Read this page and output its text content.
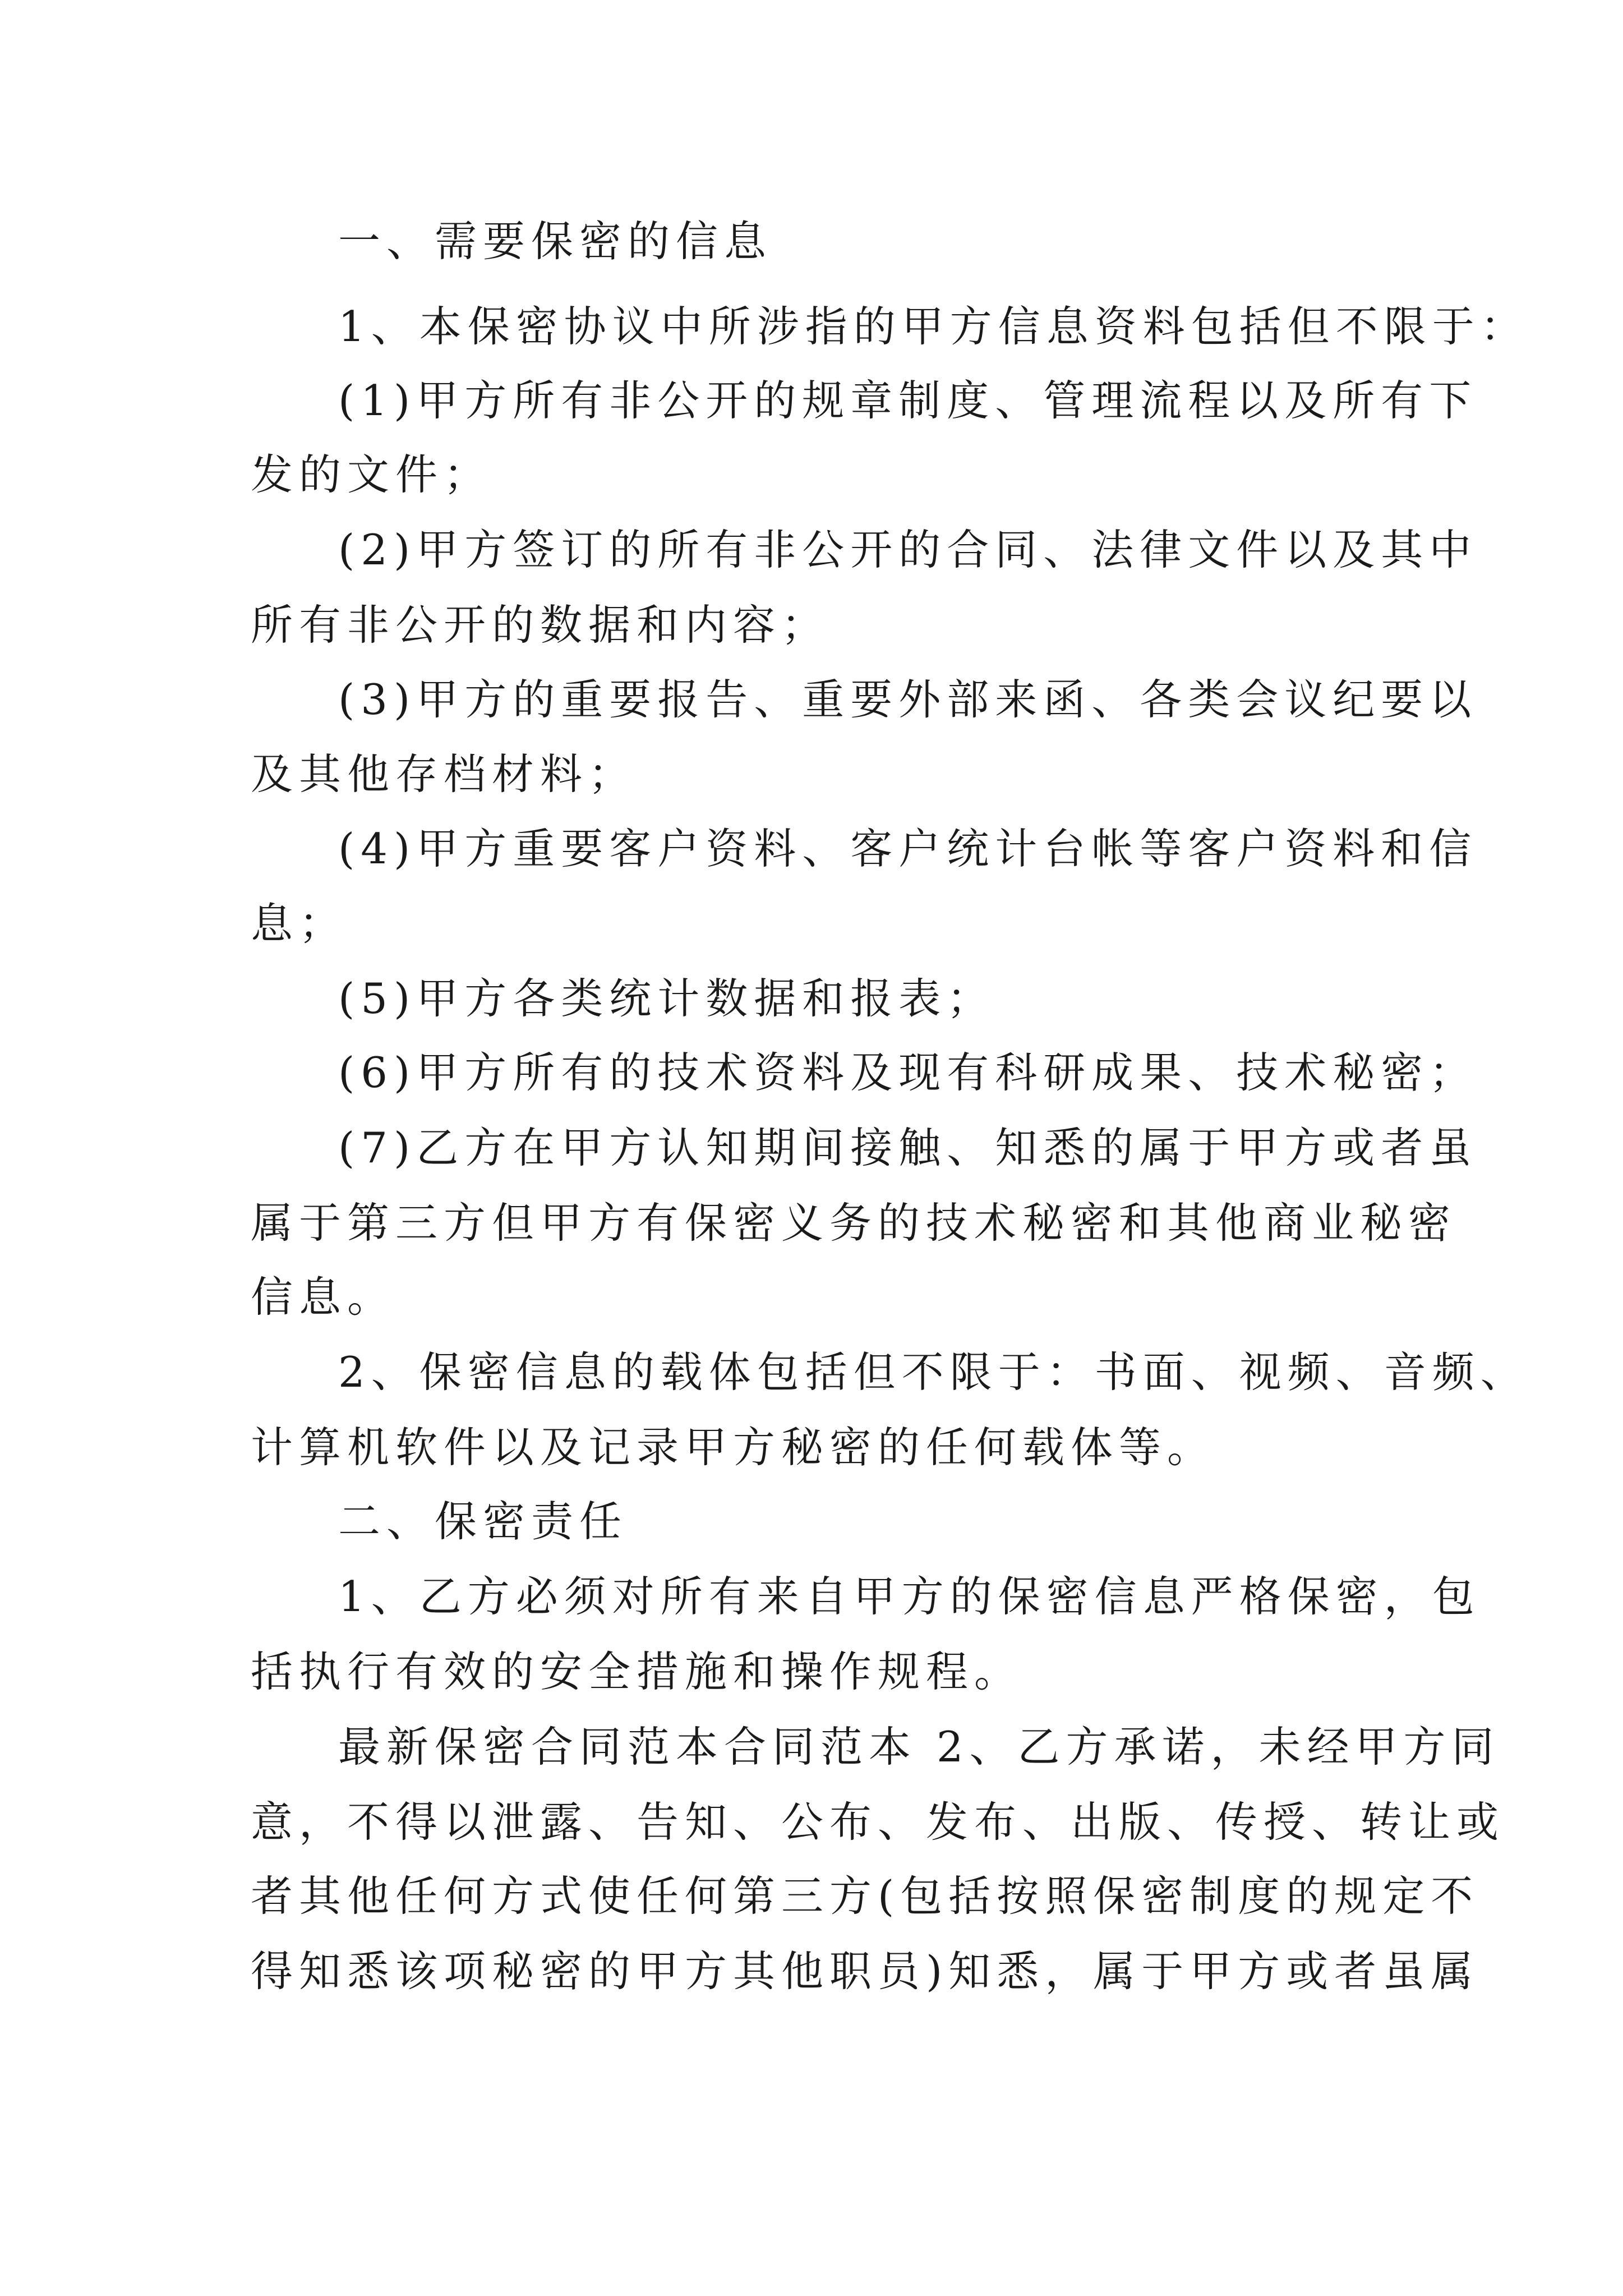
一、需要保密的信息
1、本保密协议中所涉指的甲方信息资料包括但不限于：
(1)甲方所有非公开的规章制度、管理流程以及所有下
发的文件；
(2)甲方签订的所有非公开的合同、法律文件以及其中
所有非公开的数据和内容；
(3)甲方的重要报告、重要外部来函、各类会议纪要以
及其他存档材料；
(4)甲方重要客户资料、客户统计台帐等客户资料和信
息；
(5)甲方各类统计数据和报表；
(6)甲方所有的技术资料及现有科研成果、技术秘密；
(7)乙方在甲方认知期间接触、知悉的属于甲方或者虽
属于第三方但甲方有保密义务的技术秘密和其他商业秘密
信息。
2、保密信息的载体包括但不限于：书面、视频、音频、
计算机软件以及记录甲方秘密的任何载体等。
二、保密责任
1、乙方必须对所有来自甲方的保密信息严格保密，包
括执行有效的安全措施和操作规程。
最新保密合同范本合同范本 2、乙方承诺，未经甲方同
意，不得以泄露、告知、公布、发布、出版、传授、转让或
者其他任何方式使任何第三方(包括按照保密制度的规定不
得知悉该项秘密的甲方其他职员)知悉，属于甲方或者虽属
